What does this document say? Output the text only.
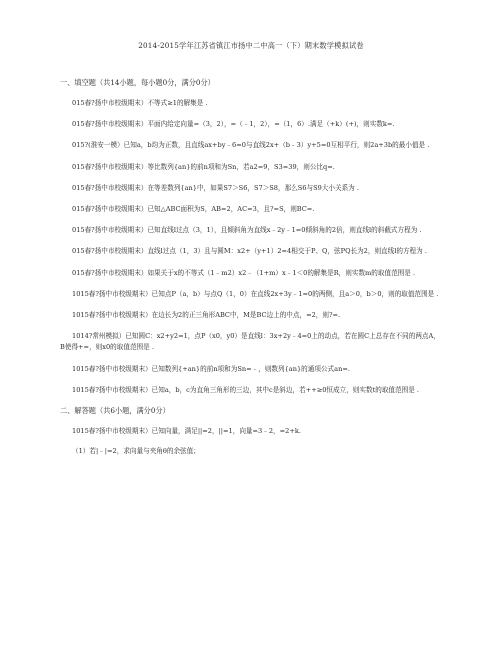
2014-2015学年江苏省镇江市扬中二中高一（下）期末数学模拟试卷
一、填空题（共14小题，每小题0分，满分0分）
015春?扬中市校级期末）不等式≥1的解集是 .
015春?扬中市校级期末）平面内给定向量=（3，2），=（﹣1，2），=（1，6）.满足（+k）(+)，则实数k=.
015?(淮安一模）已知a，b均为正数，且直线ax+by﹣6=0与直线2x+（b﹣3）y+5=0互相平行，则2a+3b的最小值是 .
015春?扬中市校级期末）等比数列{an}的前n项和为Sn，若a2=9，S3=39，则公比q=.
015春?扬中市校级期末）在等差数列{an}中，如果S7＞S6，S7＞S8，那么S6与S9大小关系为 .
015春?扬中市校级期末）已知△ABC面积为S，AB=2，AC=3，且?=S，则BC=.
015春?扬中市校级期末）已知直线l过点（3，1），且倾斜角为直线x﹣2y﹣1=0倾斜角的2倍，则直线l的斜截式方程为 .
015春?扬中市校级期末）直线l过点（1，3）且与圆M：x2+（y+1）2=4相交于P、Q，弦PQ长为2，则直线l的方程为 .
015春?扬中市校级期末）如果关于x的不等式（1﹣m2）x2﹣（1+m）x﹣1＜0的解集是R，则实数m的取值范围是 .
1015春?扬中市校级期末）已知点P（a，b）与点Q（1，0）在直线2x+3y﹣1=0的两侧，且a＞0，b＞0，则的取值范围是 .
1015春?扬中市校级期末）在边长为2的正三角形ABC中，M是BC边上的中点，=2，则?=.
1014?常州模拟）已知圆C：x2+y2=1，点P（x0，y0）是直线l：3x+2y﹣4=0上的动点，若在圆C上总存在不同的两点A，B使得+=，则x0的取值范围是 .
1015春?扬中市校级期末）已知数列{+an}的前n项和为Sn=﹣，则数列{an}的通项公式an=.
1015春?扬中市校级期末）已知a，b，c为直角三角形的三边，其中c是斜边，若++≥0恒成立，则实数t的取值范围是 .
二、解答题（共6小题，满分0分）
1015春?扬中市校级期末）已知向量，满足||=2，||=1，向量=3﹣2，=2+k.
（1）若|﹣|=2，求向量与夹角θ的余弦值；
